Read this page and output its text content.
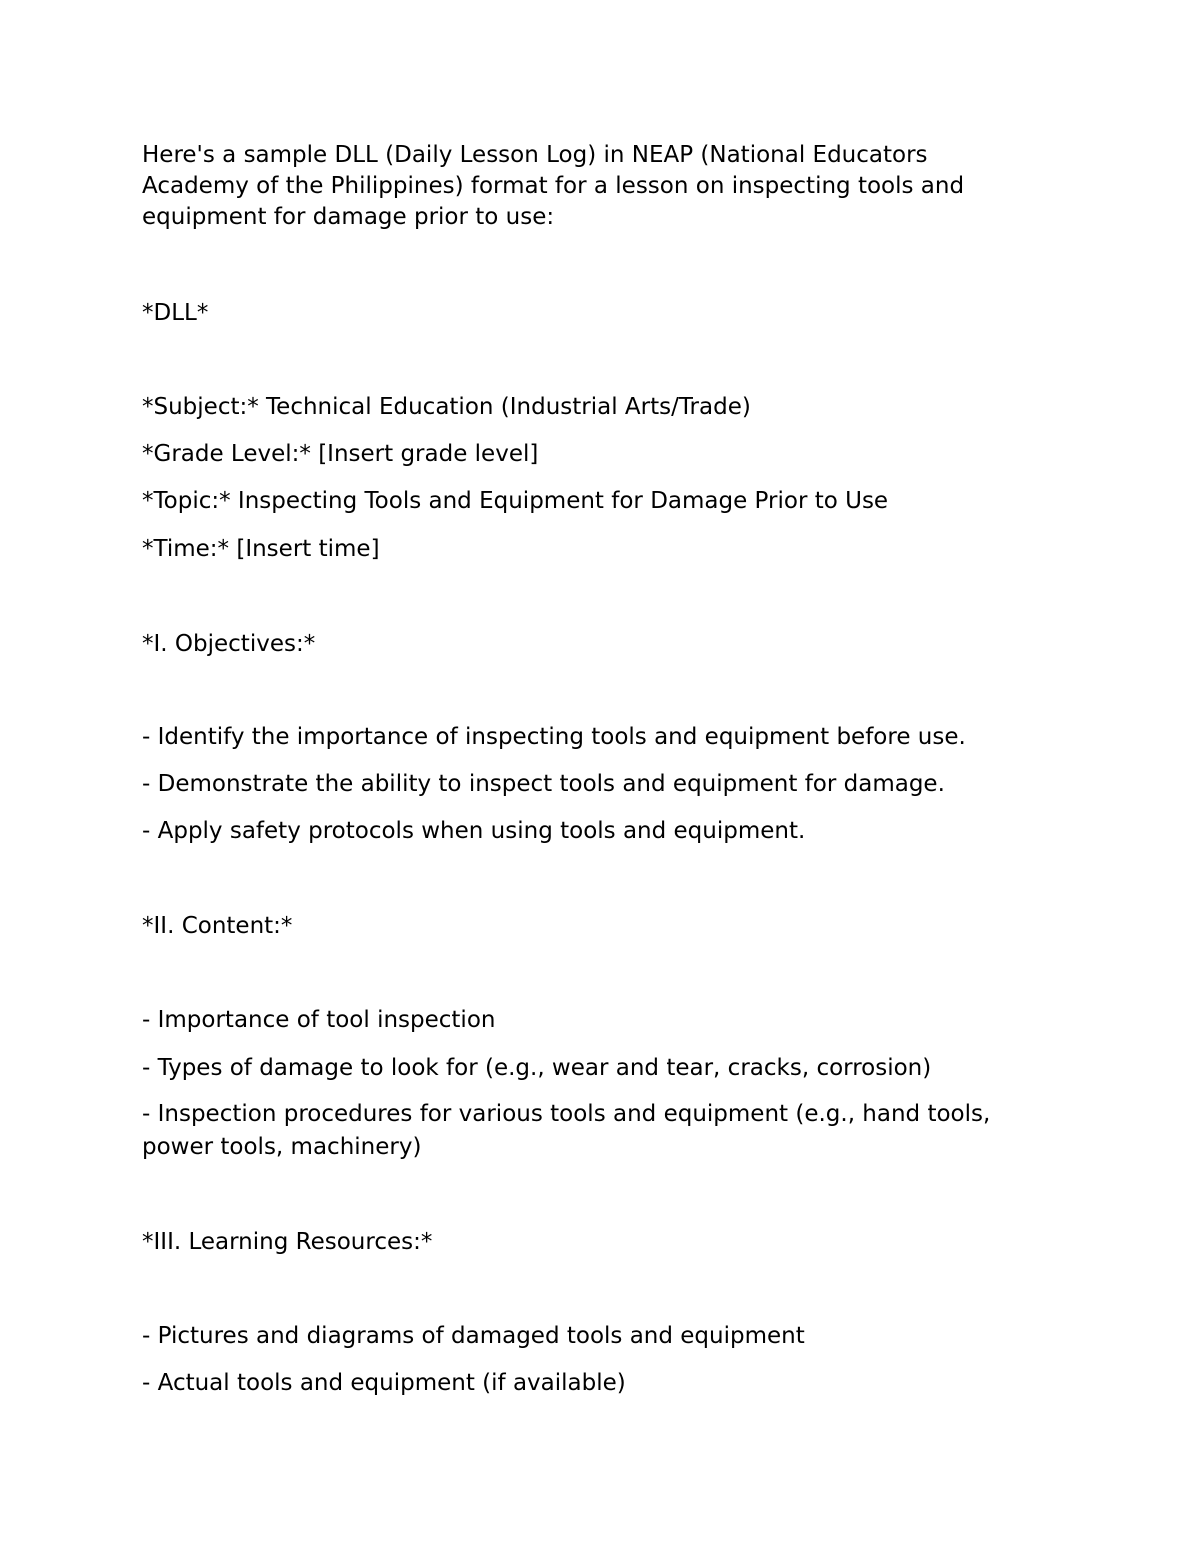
Here's a sample DLL (Daily Lesson Log) in NEAP (National Educators

Academy of the Philippines) format for a lesson on inspecting tools and

equipment for damage prior to use:

*DLL*

*Subject:* Technical Education (Industrial Arts/Trade)

*Grade Level:* [Insert grade level]

*Topic:* Inspecting Tools and Equipment for Damage Prior to Use

*Time:* [Insert time]

*I. Objectives:*

- Identify the importance of inspecting tools and equipment before use.

- Demonstrate the ability to inspect tools and equipment for damage.

- Apply safety protocols when using tools and equipment.

*II. Content:*

- Importance of tool inspection

- Types of damage to look for (e.g., wear and tear, cracks, corrosion)

- Inspection procedures for various tools and equipment (e.g., hand tools,

power tools, machinery)

*III. Learning Resources:*

- Pictures and diagrams of damaged tools and equipment

- Actual tools and equipment (if available)
